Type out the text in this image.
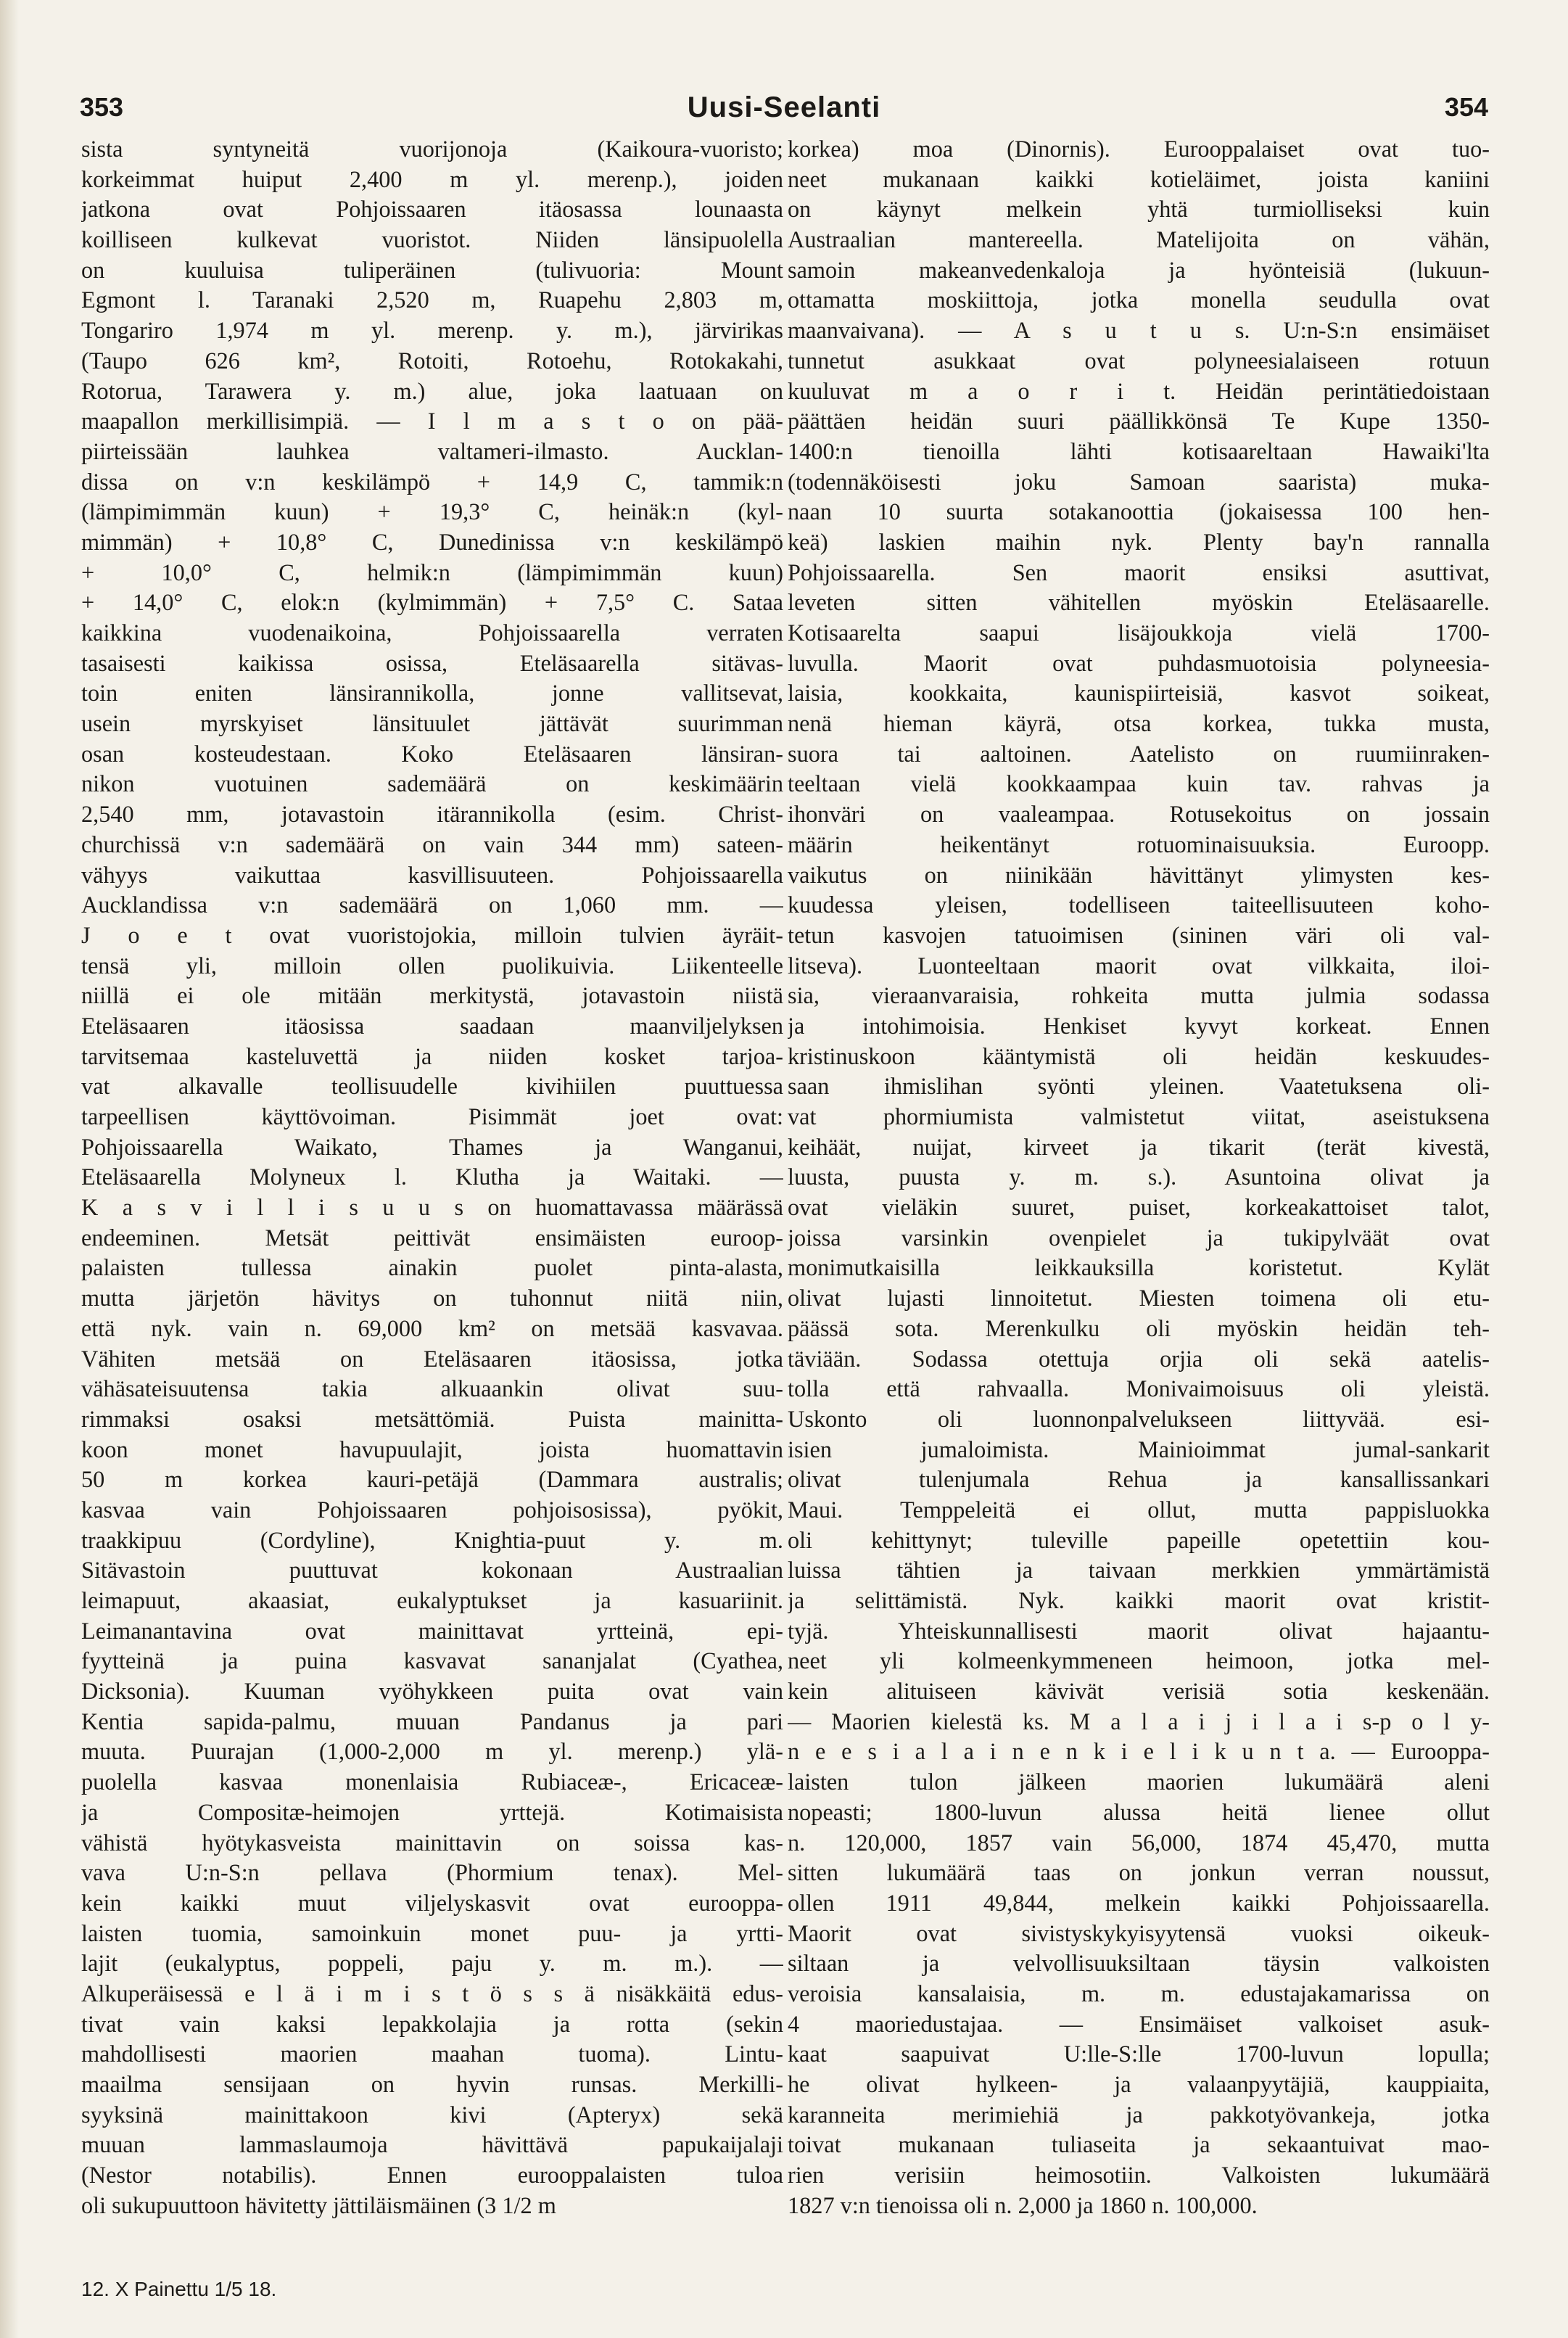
353	Uusi-Seelanti	354
sista syntyneitä vuorijonoja (Kaikoura-vuoristo;
korkeimmat huiput 2,400 m yl. merenp.), joiden
jatkona ovat Pohjoissaaren itäosassa lounaasta
koilliseen kulkevat vuoristot. Niiden länsipuolella
on kuuluisa tuliperäinen (tulivuoria: Mount
Egmont l. Taranaki 2,520 m, Ruapehu 2,803 m,
Tongariro 1,974 m yl. merenp. y. m.), järvirikas
(Taupo 626 km², Rotoiti, Rotoehu, Rotokakahi,
Rotorua, Tarawera y. m.) alue, joka laatuaan on
maapallon merkillisimpiä. — I l m a s t o on pää-
piirteissään lauhkea valtameri-ilmasto. Aucklan-
dissa on v:n keskilämpö + 14,9 C, tammik:n
(lämpimimmän kuun) + 19,3° C, heinäk:n (kyl-
mimmän) + 10,8° C, Dunedinissa v:n keskilämpö
+ 10,0° C, helmik:n (lämpimimmän kuun)
+ 14,0° C, elok:n (kylmimmän) + 7,5° C. Sataa
kaikkina vuodenaikoina, Pohjoissaarella verraten
tasaisesti kaikissa osissa, Eteläsaarella sitävas-
toin eniten länsirannikolla, jonne vallitsevat,
usein myrskyiset länsituulet jättävät suurimman
osan kosteudestaan. Koko Eteläsaaren länsiran-
nikon vuotuinen sademäärä on keskimäärin
2,540 mm, jotavastoin itärannikolla (esim. Christ-
churchissä v:n sademäärä on vain 344 mm) sateen-
vähyys vaikuttaa kasvillisuuteen. Pohjoissaarella
Aucklandissa v:n sademäärä on 1,060 mm. —
J o e t ovat vuoristojokia, milloin tulvien äyräit-
tensä yli, milloin ollen puolikuivia. Liikenteelle
niillä ei ole mitään merkitystä, jotavastoin niistä
Eteläsaaren itäosissa saadaan maanviljelyksen
tarvitsemaa kasteluvettä ja niiden kosket tarjoa-
vat alkavalle teollisuudelle kivihiilen puuttuessa
tarpeellisen käyttövoiman. Pisimmät joet ovat:
Pohjoissaarella Waikato, Thames ja Wanganui,
Eteläsaarella Molyneux l. Klutha ja Waitaki. —
K a s v i l l i s u u s on huomattavassa määrässä
endeeminen. Metsät peittivät ensimäisten euroop-
palaisten tullessa ainakin puolet pinta-alasta,
mutta järjetön hävitys on tuhonnut niitä niin,
että nyk. vain n. 69,000 km² on metsää kasvavaa.
Vähiten metsää on Eteläsaaren itäosissa, jotka
vähäsateisuutensa takia alkuaankin olivat suu-
rimmaksi osaksi metsättömiä. Puista mainitta-
koon monet havupuulajit, joista huomattavin
50 m korkea kauri-petäjä (Dammara australis;
kasvaa vain Pohjoissaaren pohjoisosissa), pyökit,
traakkipuu (Cordyline), Knightia-puut y. m.
Sitävastoin puuttuvat kokonaan Austraalian
leimapuut, akaasiat, eukalyptukset ja kasuariinit.
Leimanantavina ovat mainittavat yrtteinä, epi-
fyytteinä ja puina kasvavat sananjalat (Cyathea,
Dicksonia). Kuuman vyöhykkeen puita ovat vain
Kentia sapida-palmu, muuan Pandanus ja pari
muuta. Puurajan (1,000-2,000 m yl. merenp.) ylä-
puolella kasvaa monenlaisia Rubiaceæ-, Ericaceæ-
ja Compositæ-heimojen yrttejä. Kotimaisista
vähistä hyötykasveista mainittavin on soissa kas-
vava U:n-S:n pellava (Phormium tenax). Mel-
kein kaikki muut viljelyskasvit ovat eurooppa-
laisten tuomia, samoinkuin monet puu- ja yrtti-
lajit (eukalyptus, poppeli, paju y. m. m.). —
Alkuperäisessä e l ä i m i s t ö s s ä nisäkkäitä edus-
tivat vain kaksi lepakkolajia ja rotta (sekin
mahdollisesti maorien maahan tuoma). Lintu-
maailma sensijaan on hyvin runsas. Merkilli-
syyksinä mainittakoon kivi (Apteryx) sekä
muuan lammaslaumoja hävittävä papukaijalaji
(Nestor notabilis). Ennen eurooppalaisten tuloa
oli sukupuuttoon hävitetty jättiläismäinen (3 1/2 m
korkea) moa (Dinornis). Eurooppalaiset ovat tuo-
neet mukanaan kaikki kotieläimet, joista kaniini
on käynyt melkein yhtä turmiolliseksi kuin
Austraalian mantereella. Matelijoita on vähän,
samoin makeanvedenkaloja ja hyönteisiä (lukuun-
ottamatta moskiittoja, jotka monella seudulla ovat
maanvaivana). — A s u t u s. U:n-S:n ensimäiset
tunnetut asukkaat ovat polyneesialaiseen rotuun
kuuluvat m a o r i t. Heidän perintätiedoistaan
päättäen heidän suuri päällikkönsä Te Kupe 1350-
1400:n tienoilla lähti kotisaareltaan Hawaiki'lta
(todennäköisesti joku Samoan saarista) muka-
naan 10 suurta sotakanoottia (jokaisessa 100 hen-
keä) laskien maihin nyk. Plenty bay'n rannalla
Pohjoissaarella. Sen maorit ensiksi asuttivat,
leveten sitten vähitellen myöskin Eteläsaarelle.
Kotisaarelta saapui lisäjoukkoja vielä 1700-
luvulla. Maorit ovat puhdasmuotoisia polyneesia-
laisia, kookkaita, kaunispiirteisiä, kasvot soikeat,
nenä hieman käyrä, otsa korkea, tukka musta,
suora tai aaltoinen. Aatelisto on ruumiinraken-
teeltaan vielä kookkaampaa kuin tav. rahvas ja
ihonväri on vaaleampaa. Rotusekoitus on jossain
määrin heikentänyt rotuominaisuuksia. Euroopp.
vaikutus on niinikään hävittänyt ylimysten kes-
kuudessa yleisen, todelliseen taiteellisuuteen koho-
tetun kasvojen tatuoimisen (sininen väri oli val-
litseva). Luonteeltaan maorit ovat vilkkaita, iloi-
sia, vieraanvaraisia, rohkeita mutta julmia sodassa
ja intohimoisia. Henkiset kyvyt korkeat. Ennen
kristinuskoon kääntymistä oli heidän keskuudes-
saan ihmislihan syönti yleinen. Vaatetuksena oli-
vat phormiumista valmistetut viitat, aseistuksena
keihäät, nuijat, kirveet ja tikarit (terät kivestä,
luusta, puusta y. m. s.). Asuntoina olivat ja
ovat vieläkin suuret, puiset, korkeakattoiset talot,
joissa varsinkin ovenpielet ja tukipylväät ovat
monimutkaisilla leikkauksilla koristetut. Kylät
olivat lujasti linnoitetut. Miesten toimena oli etu-
päässä sota. Merenkulku oli myöskin heidän teh-
täviään. Sodassa otettuja orjia oli sekä aatelis-
tolla että rahvaalla. Monivaimoisuus oli yleistä.
Uskonto oli luonnonpalvelukseen liittyvää. esi-
isien jumaloimista. Mainioimmat jumal-sankarit
olivat tulenjumala Rehua ja kansallissankari
Maui. Temppeleitä ei ollut, mutta pappisluokka
oli kehittynyt; tuleville papeille opetettiin kou-
luissa tähtien ja taivaan merkkien ymmärtämistä
ja selittämistä. Nyk. kaikki maorit ovat kristit-
tyjä. Yhteiskunnallisesti maorit olivat hajaantu-
neet yli kolmeenkymmeneen heimoon, jotka mel-
kein alituiseen kävivät verisiä sotia keskenään.
— Maorien kielestä ks. M a l a i j i l a i s-p o l y-
n e e s i a l a i n e n k i e l i k u n t a. — Eurooppa-
laisten tulon jälkeen maorien lukumäärä aleni
nopeasti; 1800-luvun alussa heitä lienee ollut
n. 120,000, 1857 vain 56,000, 1874 45,470, mutta
sitten lukumäärä taas on jonkun verran noussut,
ollen 1911 49,844, melkein kaikki Pohjoissaarella.
Maorit ovat sivistyskykyisyytensä vuoksi oikeuk-
siltaan ja velvollisuuksiltaan täysin valkoisten
veroisia kansalaisia, m. m. edustajakamarissa on
4 maoriedustajaa. — Ensimäiset valkoiset asuk-
kaat saapuivat U:lle-S:lle 1700-luvun lopulla;
he olivat hylkeen- ja valaanpyytäjiä, kauppiaita,
karanneita merimiehiä ja pakkotyövankeja, jotka
toivat mukanaan tuliaseita ja sekaantuivat mao-
rien verisiin heimosotiin. Valkoisten lukumäärä
1827 v:n tienoissa oli n. 2,000 ja 1860 n. 100,000.
12. X Painettu 1/5 18.
